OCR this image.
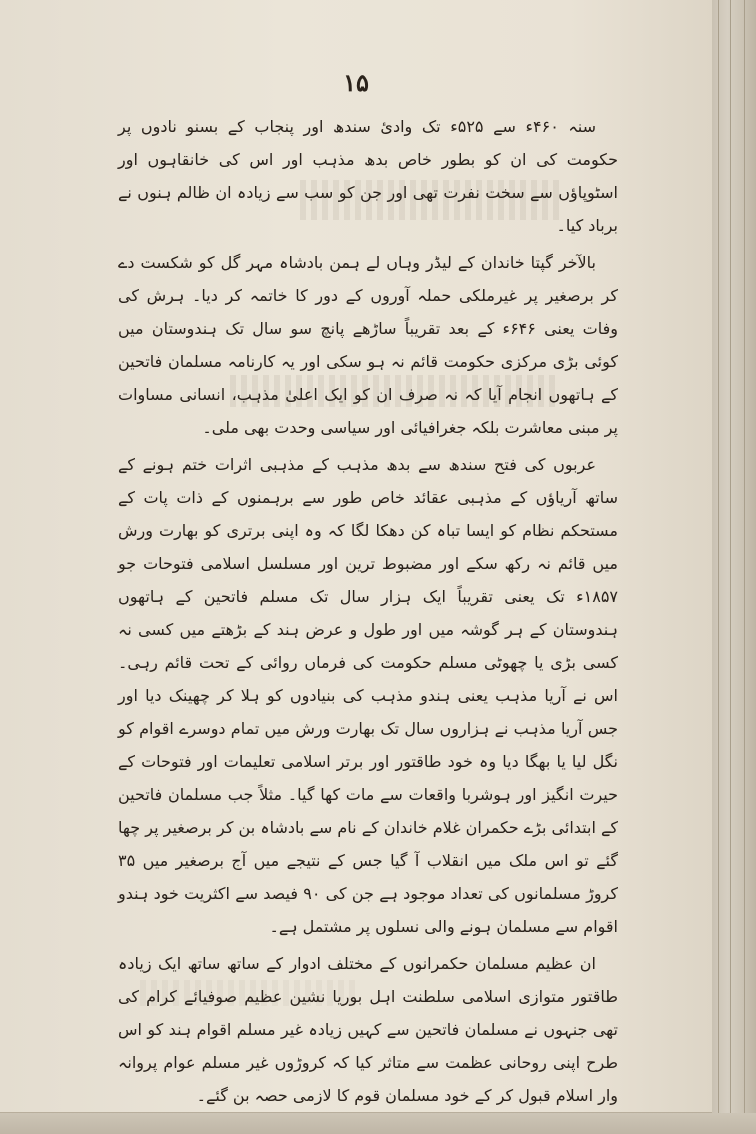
۱۵

سنہ ۴۶۰ء سے ۵۲۵ء تک وادئ سندھ اور پنجاب کے بسنو نادوں پر حکومت کی ان کو بطور خاص بدھ مذہب اور اس کی خانقاہوں اور اسٹوپاؤں سے سخت نفرت تھی اور جن کو سب سے زیادہ ان ظالم ہنوں نے برباد کیا۔

بالآخر گپتا خاندان کے لیڈر وہاں لے ہمن بادشاہ مہر گل کو شکست دے کر برصغیر پر غیرملکی حملہ آوروں کے دور کا خاتمہ کر دیا۔ ہرش کی وفات یعنی ۶۴۶ء کے بعد تقریباً ساڑھے پانچ سو سال تک ہندوستان میں کوئی بڑی مرکزی حکومت قائم نہ ہو سکی اور یہ کارنامہ مسلمان فاتحین کے ہاتھوں انجام آیا کہ نہ صرف ان کو ایک اعلیٰ مذہب، انسانی مساوات پر مبنی معاشرت بلکہ جغرافیائی اور سیاسی وحدت بھی ملی۔

عربوں کی فتح سندھ سے بدھ مذہب کے مذہبی اثرات ختم ہونے کے ساتھ آریاؤں کے مذہبی عقائد خاص طور سے برہمنوں کے ذات پات کے مستحکم نظام کو ایسا تباہ کن دھکا لگا کہ وہ اپنی برتری کو بھارت ورش میں قائم نہ رکھ سکے اور مضبوط ترین اور مسلسل اسلامی فتوحات جو ۱۸۵۷ء تک یعنی تقریباً ایک ہزار سال تک مسلم فاتحین کے ہاتھوں ہندوستان کے ہر گوشہ میں اور طول و عرض ہند کے بڑھتے میں کسی نہ کسی بڑی یا چھوٹی مسلم حکومت کی فرماں روائی کے تحت قائم رہی۔ اس نے آریا مذہب یعنی ہندو مذہب کی بنیادوں کو ہلا کر چھینک دیا اور جس آریا مذہب نے ہزاروں سال تک بھارت ورش میں تمام دوسرے اقوام کو نگل لیا یا بھگا دیا وہ خود طاقتور اور برتر اسلامی تعلیمات اور فتوحات کے حیرت انگیز اور ہوشربا واقعات سے مات کھا گیا۔ مثلاً جب مسلمان فاتحین کے ابتدائی بڑے حکمران غلام خاندان کے نام سے بادشاہ بن کر برصغیر پر چھا گئے تو اس ملک میں انقلاب آ گیا جس کے نتیجے میں آج برصغیر میں ۳۵ کروڑ مسلمانوں کی تعداد موجود ہے جن کی ۹۰ فیصد سے اکثریت خود ہندو اقوام سے مسلمان ہونے والی نسلوں پر مشتمل ہے۔

ان عظیم مسلمان حکمرانوں کے مختلف ادوار کے ساتھ ساتھ ایک زیادہ طاقتور متوازی اسلامی سلطنت اہل بوریا نشین عظیم صوفیائے کرام کی تھی جنہوں نے مسلمان فاتحین سے کہیں زیادہ غیر مسلم اقوام ہند کو اس طرح اپنی روحانی عظمت سے متاثر کیا کہ کروڑوں غیر مسلم عوام پروانہ وار اسلام قبول کر کے خود مسلمان قوم کا لازمی حصہ بن گئے۔
